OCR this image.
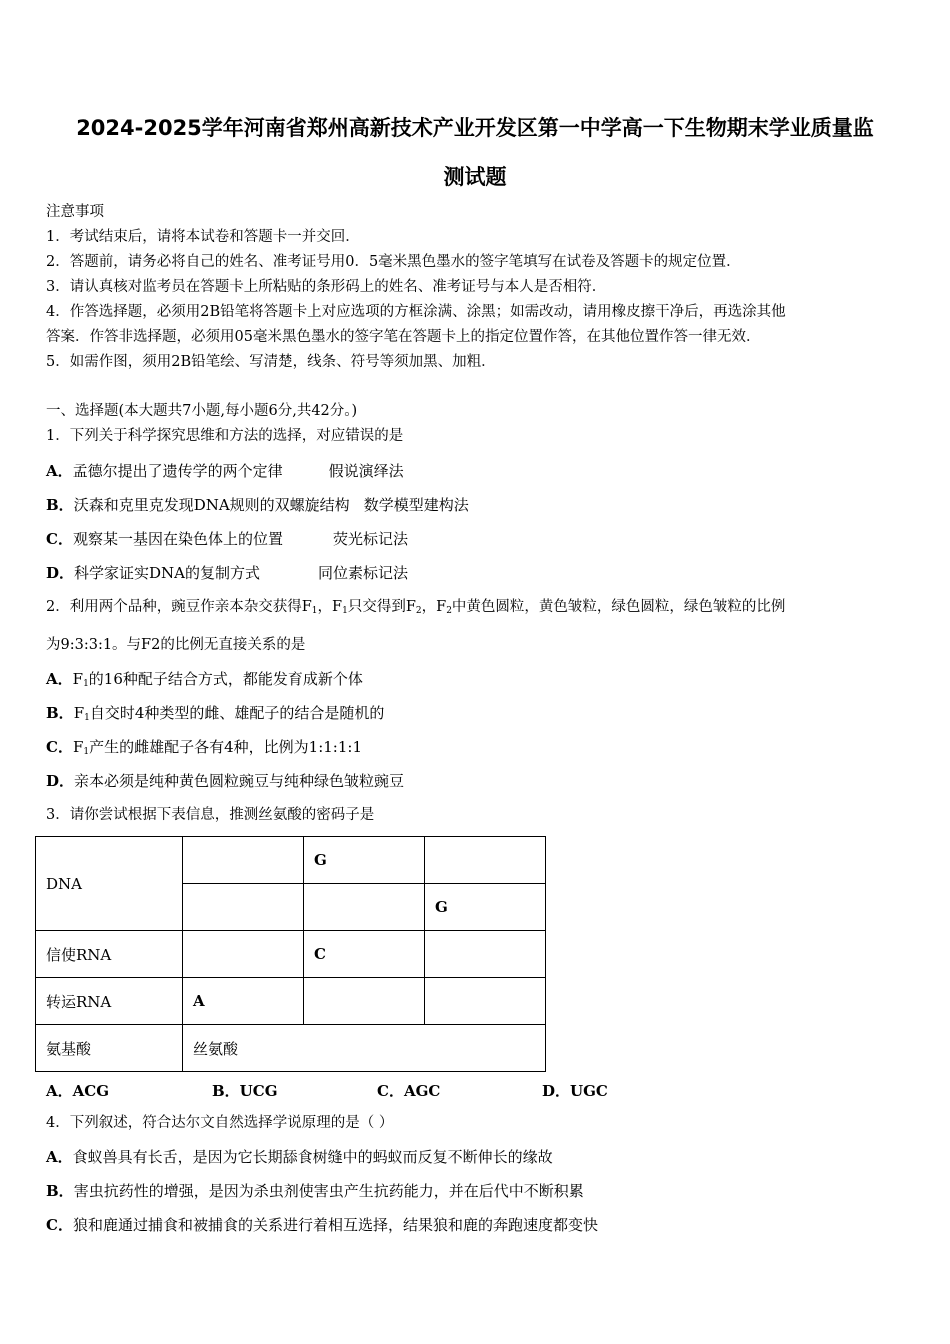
2024-2025学年河南省郑州高新技术产业开发区第一中学高一下生物期末学业质量监
测试题
注意事项
1．考试结束后，请将本试卷和答题卡一并交回．
2．答题前，请务必将自己的姓名、准考证号用0．5毫米黑色墨水的签字笔填写在试卷及答题卡的规定位置．
3．请认真核对监考员在答题卡上所粘贴的条形码上的姓名、准考证号与本人是否相符．
4．作答选择题，必须用2B铅笔将答题卡上对应选项的方框涂满、涂黑；如需改动，请用橡皮擦干净后，再选涂其他
答案．作答非选择题，必须用05毫米黑色墨水的签字笔在答题卡上的指定位置作答，在其他位置作答一律无效．
5．如需作图，须用2B铅笔绘、写清楚，线条、符号等须加黑、加粗．
一、选择题(本大题共7小题,每小题6分,共42分。)
1．下列关于科学探究思维和方法的选择，对应错误的是
A．孟德尔提出了遗传学的两个定律	假说演绎法
B．沃森和克里克发现DNA规则的双螺旋结构 数学模型建构法
C．观察某一基因在染色体上的位置	荧光标记法
D．科学家证实DNA的复制方式	同位素标记法
2．利用两个品种，豌豆作亲本杂交获得$F_1$，$F_1$只交得到$F_2$，$F_2$中黄色圆粒，黄色皱粒，绿色圆粒，绿色皱粒的比例
为9:3:3:1。与F2的比例无直接关系的是
A．$F_1$的16种配子结合方式，都能发育成新个体
B．$F_1$自交时4种类型的雌、雄配子的结合是随机的
C．$F_1$产生的雌雄配子各有4种，比例为1:1:1:1
D．亲本必须是纯种黄色圆粒豌豆与纯种绿色皱粒豌豆
3．请你尝试根据下表信息，推测丝氨酸的密码子是
DNA		G	
			G
信使RNA		C	
转运RNA	A		
氨基酸	丝氨酸		
A．ACG	B．UCG	C．AGC	D．UGC
4．下列叙述，符合达尔文自然选择学说原理的是（ ）
A．食蚁兽具有长舌，是因为它长期舔食树缝中的蚂蚁而反复不断伸长的缘故
B．害虫抗药性的增强，是因为杀虫剂使害虫产生抗药能力，并在后代中不断积累
C．狼和鹿通过捕食和被捕食的关系进行着相互选择，结果狼和鹿的奔跑速度都变快
